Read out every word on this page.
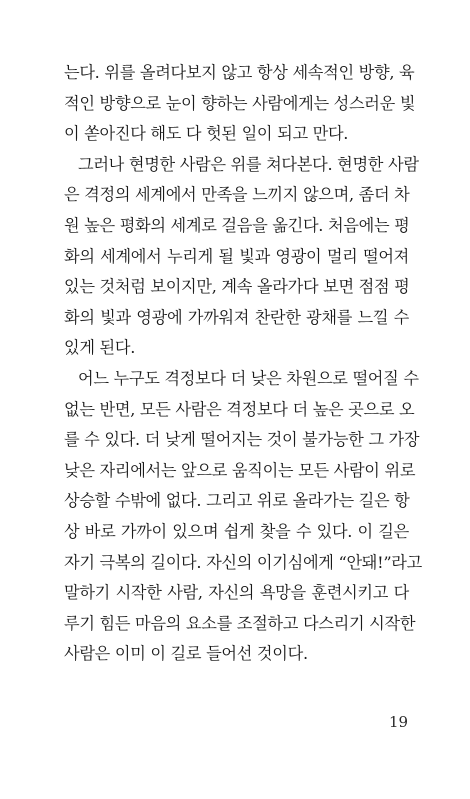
는다. 위를 올려다보지 않고 항상 세속적인 방향, 육
적인 방향으로 눈이 향하는 사람에게는 성스러운 빛
이 쏟아진다 해도 다 헛된 일이 되고 만다.
그러나 현명한 사람은 위를 쳐다본다. 현명한 사람
은 격정의 세계에서 만족을 느끼지 않으며, 좀더 차
원 높은 평화의 세계로 걸음을 옮긴다. 처음에는 평
화의 세계에서 누리게 될 빛과 영광이 멀리 떨어져
있는 것처럼 보이지만, 계속 올라가다 보면 점점 평
화의 빛과 영광에 가까워져 찬란한 광채를 느낄 수
있게 된다.
어느 누구도 격정보다 더 낮은 차원으로 떨어질 수
없는 반면, 모든 사람은 격정보다 더 높은 곳으로 오
를 수 있다. 더 낮게 떨어지는 것이 불가능한 그 가장
낮은 자리에서는 앞으로 움직이는 모든 사람이 위로
상승할 수밖에 없다. 그리고 위로 올라가는 길은 항
상 바로 가까이 있으며 쉽게 찾을 수 있다. 이 길은
자기 극복의 길이다. 자신의 이기심에게 “안돼!”라고
말하기 시작한 사람, 자신의 욕망을 훈련시키고 다
루기 힘든 마음의 요소를 조절하고 다스리기 시작한
사람은 이미 이 길로 들어선 것이다.
19
